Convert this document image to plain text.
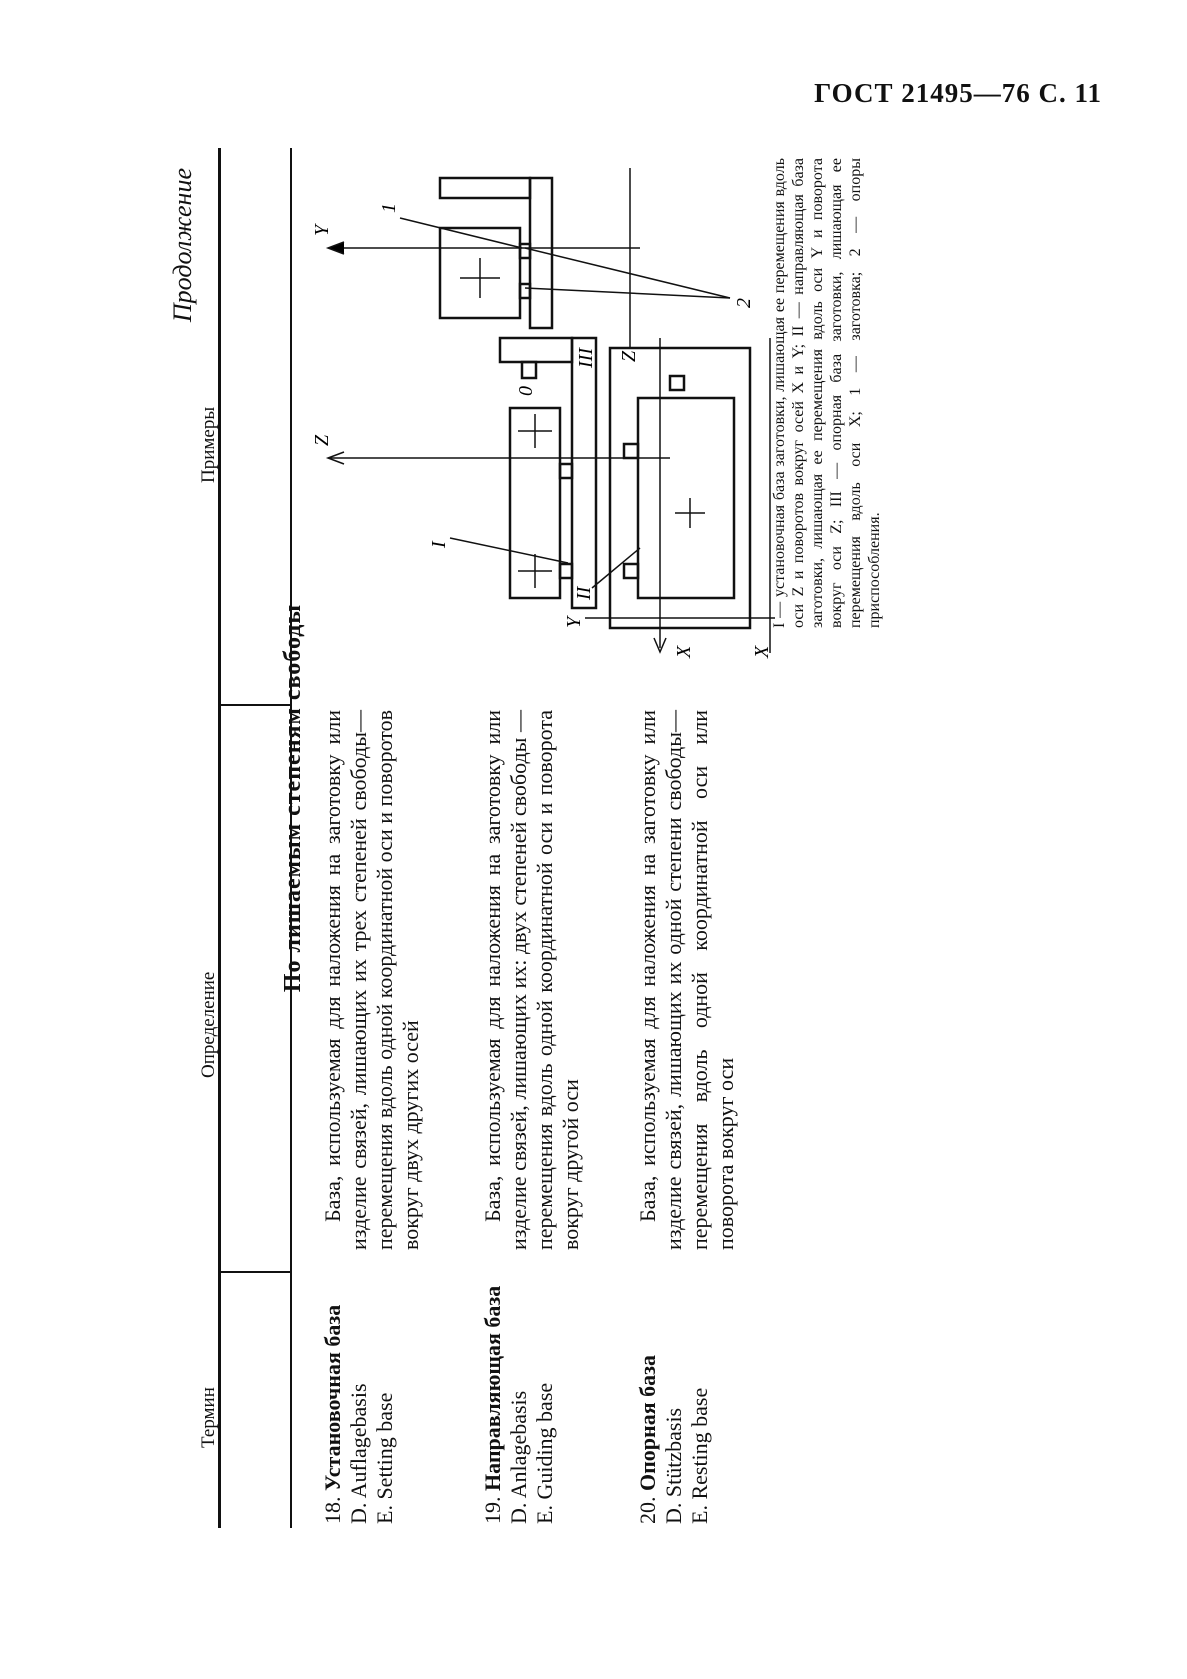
ГОСТ 21495—76 С. 11
Продолжение
Термин
Определение
Примеры
По лишаемым степеням свободы
18. Установочная база D. Auflagebasis E. Setting base
База, используемая для наложения на заготовку или изделие связей, лишающих их трех степеней свободы—перемещения вдоль одной координатной оси и поворотов вокруг двух других осей
19. Направляющая база D. Anlagebasis E. Guiding base
База, используемая для наложения на заготовку или изделие связей, лишающих их: двух степеней свободы — перемещения вдоль одной координатной оси и поворота вокруг другой оси
20. Опорная база D. Stützbasis E. Resting base
База, используемая для наложения на заготовку или изделие связей, лишающих их одной степени свободы—перемещения вдоль одной координатной оси или поворота вокруг оси
X
Z
I
0
X
Y
II
III
Y
Z
1
2 I — установочная база заготовки, лишающая ее перемещения вдоль оси Z и поворотов вокруг осей X и Y; II — направляющая база заготовки, лишающая ее перемещения вдоль оси Y и поворота вокруг оси Z; III — опорная база заготовки, лишающая ее перемещения вдоль оси X; 1 — заготовка; 2 — опоры приспособления.
